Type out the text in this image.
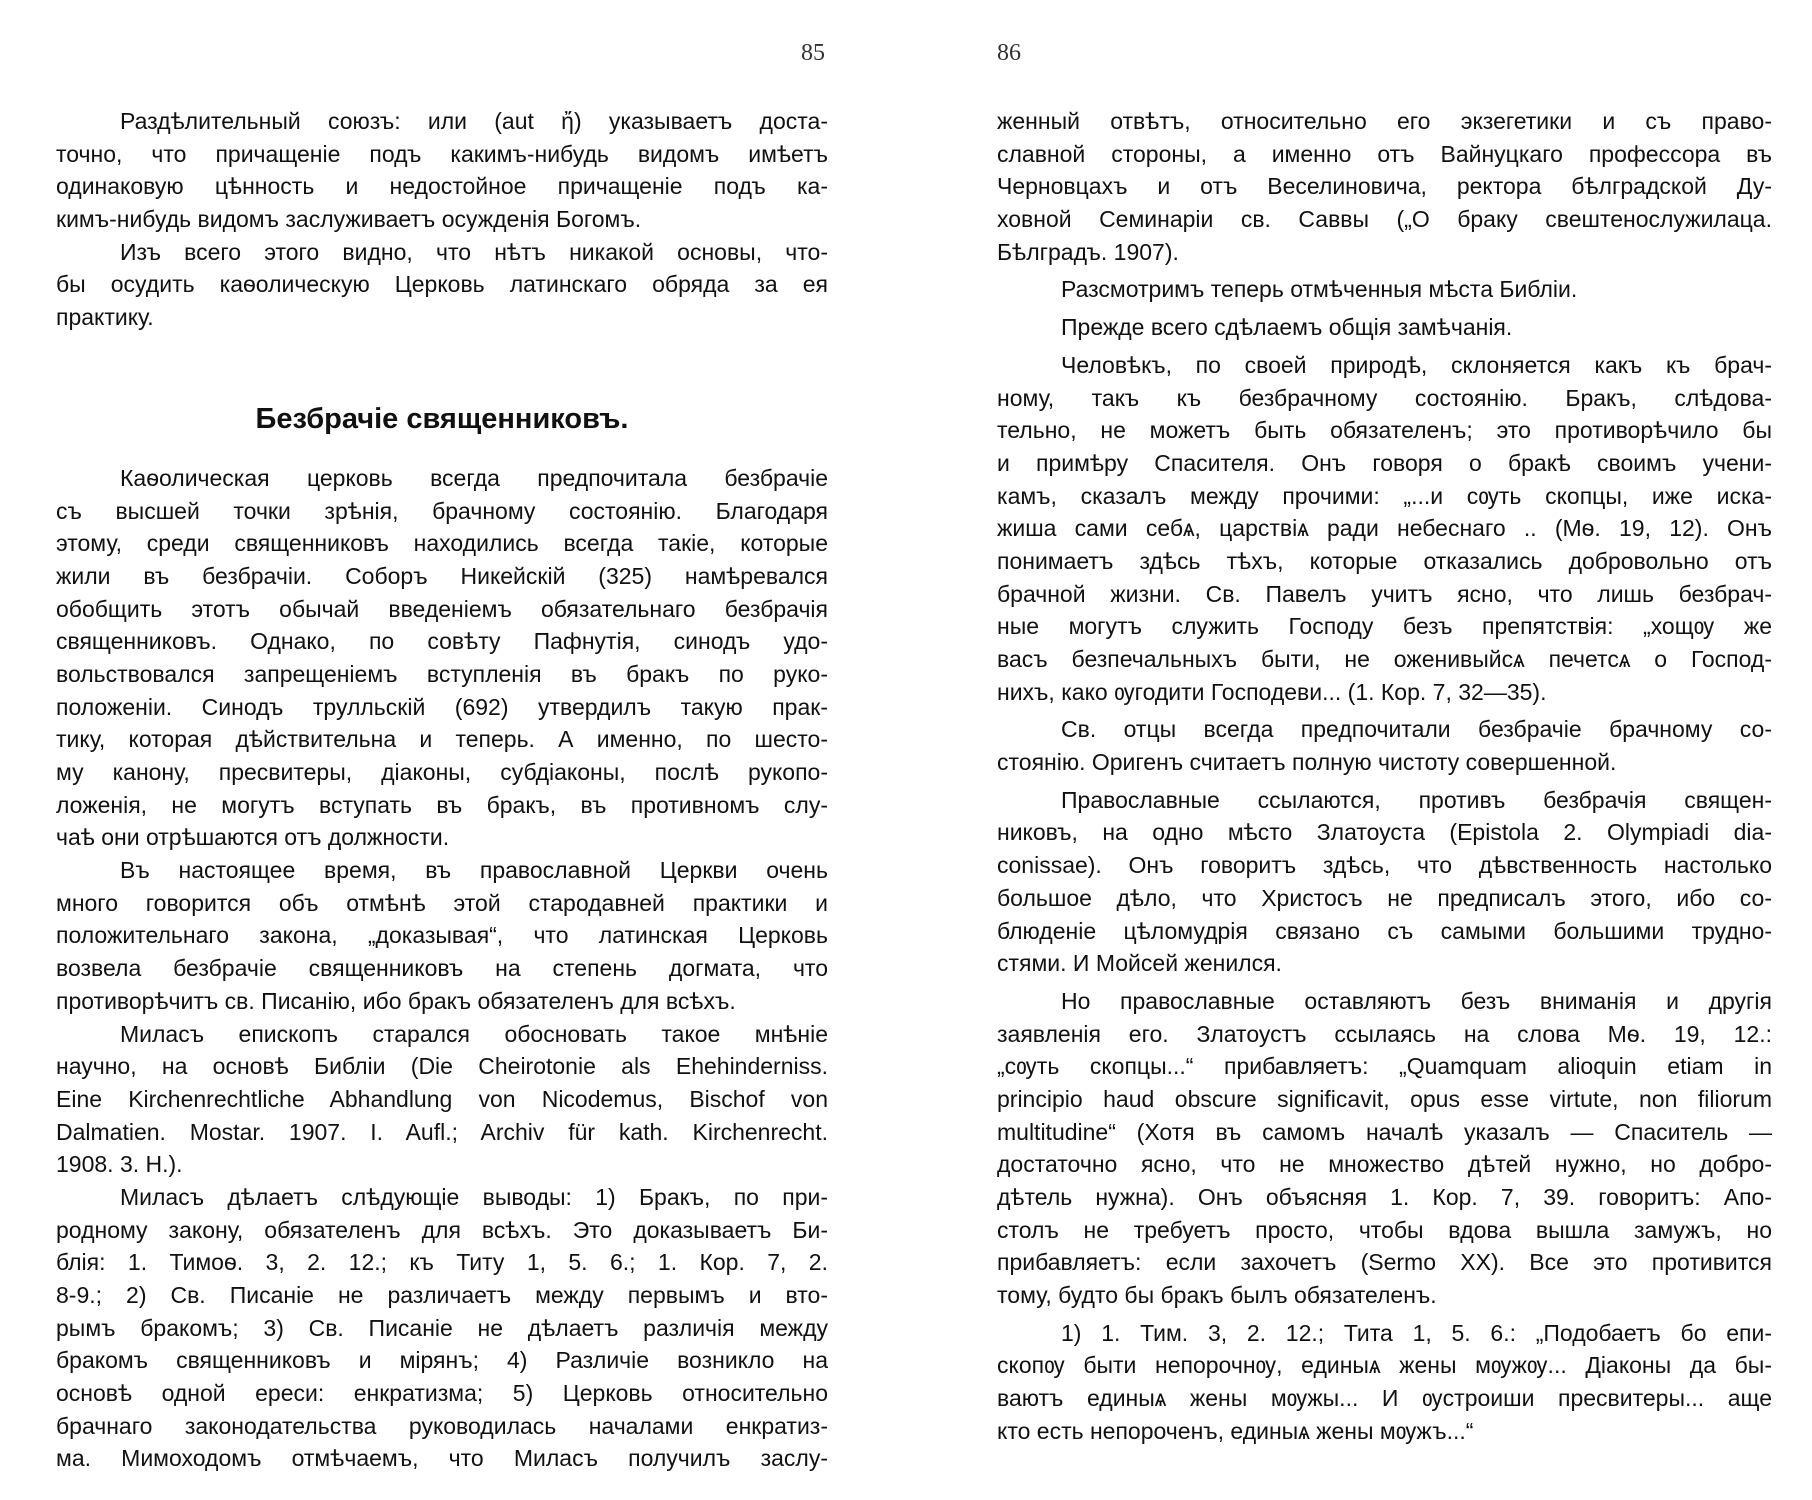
85	86
Раздѣлительный союзъ: или (aut ἤ) указываетъ доста-
точно, что причащеніе подъ какимъ-нибудь видомъ имѣетъ
одинаковую цѣнность и недостойное причащеніе подъ ка-
кимъ-нибудь видомъ заслуживаетъ осужденія Богомъ.
Изъ всего этого видно, что нѣтъ никакой основы, что-
бы осудить каѳолическую Церковь латинскаго обряда за ея
практику.
Безбрачіе священниковъ.
Каѳолическая церковь всегда предпочитала безбрачіе
съ высшей точки зрѣнія, брачному состоянію. Благодаря
этому, среди священниковъ находились всегда такіе, которые
жили въ безбрачіи. Соборъ Никейскій (325) намѣревался
обобщить этотъ обычай введеніемъ обязательнаго безбрачія
священниковъ. Однако, по совѣту Пафнутія, синодъ удо-
вольствовался запрещеніемъ вступленія въ бракъ по руко-
положеніи. Синодъ трулльскій (692) утвердилъ такую прак-
тику, которая дѣйствительна и теперь. А именно, по шесто-
му канону, пресвитеры, діаконы, субдіаконы, послѣ рукопо-
ложенія, не могутъ вступать въ бракъ, въ противномъ слу-
чаѣ они отрѣшаются отъ должности.
Въ настоящее время, въ православной Церкви очень
много говорится объ отмѣнѣ этой стародавней практики и
положительнаго закона, „доказывая“, что латинская Церковь
возвела безбрачіе священниковъ на степень догмата, что
противорѣчитъ св. Писанію, ибо бракъ обязателенъ для всѣхъ.
Миласъ епископъ старался обосновать такое мнѣніе
научно, на основѣ Библіи (Die Cheirotonie als Ehehinderniss.
Eine Kirchenrechtliche Abhandlung von Nicodemus, Bischof von
Dalmatien. Mostar. 1907. I. Aufl.; Archiv für kath. Kirchenrecht.
1908. 3. H.).
Миласъ дѣлаетъ слѣдующіе выводы: 1) Бракъ, по при-
родному закону, обязателенъ для всѣхъ. Это доказываетъ Би-
блія: 1. Тимоѳ. 3, 2. 12.; къ Титу 1, 5. 6.; 1. Кор. 7, 2.
8-9.; 2) Св. Писаніе не различаетъ между первымъ и вто-
рымъ бракомъ; 3) Св. Писаніе не дѣлаетъ различія между
бракомъ священниковъ и мірянъ; 4) Различіе возникло на
основѣ одной ереси: енкратизма; 5) Церковь относительно
брачнаго законодательства руководилась началами енкратиз-
ма. Мимоходомъ отмѣчаемъ, что Миласъ получилъ заслу-
женный отвѣтъ, относительно его экзегетики и съ право-
славной стороны, а именно отъ Вайнуцкаго профессора въ
Черновцахъ и отъ Веселиновича, ректора бѣлградской Ду-
ховной Семинаріи св. Саввы („О браку свештенослужилаца.
Бѣлградъ. 1907).
Разсмотримъ теперь отмѣченныя мѣста Библіи.
Прежде всего сдѣлаемъ общія замѣчанія.
Человѣкъ, по своей природѣ, склоняется какъ къ брач-
ному, такъ къ безбрачному состоянію. Бракъ, слѣдова-
тельно, не можетъ быть обязателенъ; это противорѣчило бы
и примѣру Спасителя. Онъ говоря о бракѣ своимъ учени-
камъ, сказалъ между прочими: „...и сѹть скопцы, иже иска-
жиша сами себѧ, царствіѧ ради небеснаго .. (Мѳ. 19, 12). Онъ
понимаетъ здѣсь тѣхъ, которые отказались добровольно отъ
брачной жизни. Св. Павелъ учитъ ясно, что лишь безбрач-
ные могутъ служить Господу безъ препятствія: „хощѹ же
васъ безпечальныхъ быти, не оженивыйсѧ печетсѧ о Господ-
нихъ, како ѹгодити Господеви... (1. Кор. 7, 32—35).
Св. отцы всегда предпочитали безбрачіе брачному со-
стоянію. Оригенъ считаетъ полную чистоту совершенной.
Православные ссылаются, противъ безбрачія священ-
никовъ, на одно мѣсто Златоуста (Epistola 2. Olympiadi dia-
conissae). Онъ говоритъ здѣсь, что дѣвственность настолько
большое дѣло, что Христосъ не предписалъ этого, ибо со-
блюденіе цѣломудрія связано съ самыми большими трудно-
стями. И Мойсей женился.
Но православные оставляютъ безъ вниманія и другія
заявленія его. Златоустъ ссылаясь на слова Мѳ. 19, 12.:
„сѹть скопцы...“ прибавляетъ: „Quamquam alioquin etiam in
principio haud obscure significavit, opus esse virtute, non filiorum
multitudine“ (Хотя въ самомъ началѣ указалъ — Спаситель —
достаточно ясно, что не множество дѣтей нужно, но добро-
дѣтель нужна). Онъ объясняя 1. Кор. 7, 39. говоритъ: Апо-
столъ не требуетъ просто, чтобы вдова вышла замужъ, но
прибавляетъ: если захочетъ (Sermo XX). Все это противится
тому, будто бы бракъ былъ обязателенъ.
1) 1. Тим. 3, 2. 12.; Тита 1, 5. 6.: „Подобаетъ бо епи-
скопѹ быти непорочнѹ, единыѧ жены мѹжѹ... Діаконы да бы-
ваютъ единыѧ жены мѹжы... И ѹстроиши пресвитеры... аще
кто есть непороченъ, единыѧ жены мѹжъ...“
